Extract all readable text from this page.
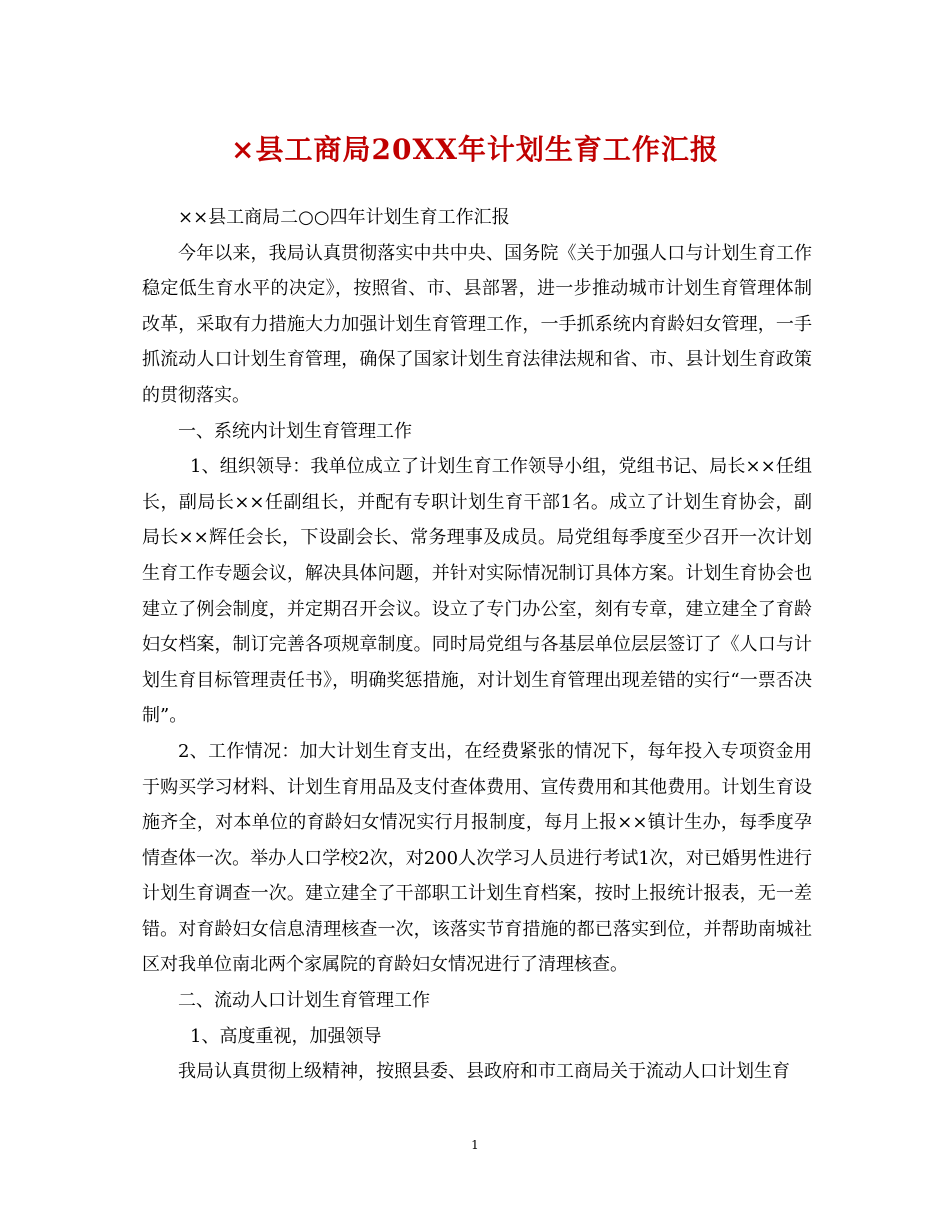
×县工商局20XX年计划生育工作汇报

××县工商局二○○四年计划生育工作汇报

今年以来，我局认真贯彻落实中共中央、国务院《关于加强人口与计划生育工作稳定低生育水平的决定》，按照省、市、县部署，进一步推动城市计划生育管理体制改革，采取有力措施大力加强计划生育管理工作，一手抓系统内育龄妇女管理，一手抓流动人口计划生育管理，确保了国家计划生育法律法规和省、市、县计划生育政策的贯彻落实。

一、系统内计划生育管理工作

1、组织领导：我单位成立了计划生育工作领导小组，党组书记、局长××任组长，副局长××任副组长，并配有专职计划生育干部1名。成立了计划生育协会，副局长××辉任会长，下设副会长、常务理事及成员。局党组每季度至少召开一次计划生育工作专题会议，解决具体问题，并针对实际情况制订具体方案。计划生育协会也建立了例会制度，并定期召开会议。设立了专门办公室，刻有专章，建立建全了育龄妇女档案，制订完善各项规章制度。同时局党组与各基层单位层层签订了《人口与计划生育目标管理责任书》，明确奖惩措施，对计划生育管理出现差错的实行“一票否决制”。

2、工作情况：加大计划生育支出，在经费紧张的情况下，每年投入专项资金用于购买学习材料、计划生育用品及支付查体费用、宣传费用和其他费用。计划生育设施齐全，对本单位的育龄妇女情况实行月报制度，每月上报××镇计生办，每季度孕情查体一次。举办人口学校2次，对200人次学习人员进行考试1次，对已婚男性进行计划生育调查一次。建立建全了干部职工计划生育档案，按时上报统计报表，无一差错。对育龄妇女信息清理核查一次，该落实节育措施的都已落实到位，并帮助南城社区对我单位南北两个家属院的育龄妇女情况进行了清理核查。

二、流动人口计划生育管理工作

1、高度重视，加强领导

我局认真贯彻上级精神，按照县委、县政府和市工商局关于流动人口计划生育

1
